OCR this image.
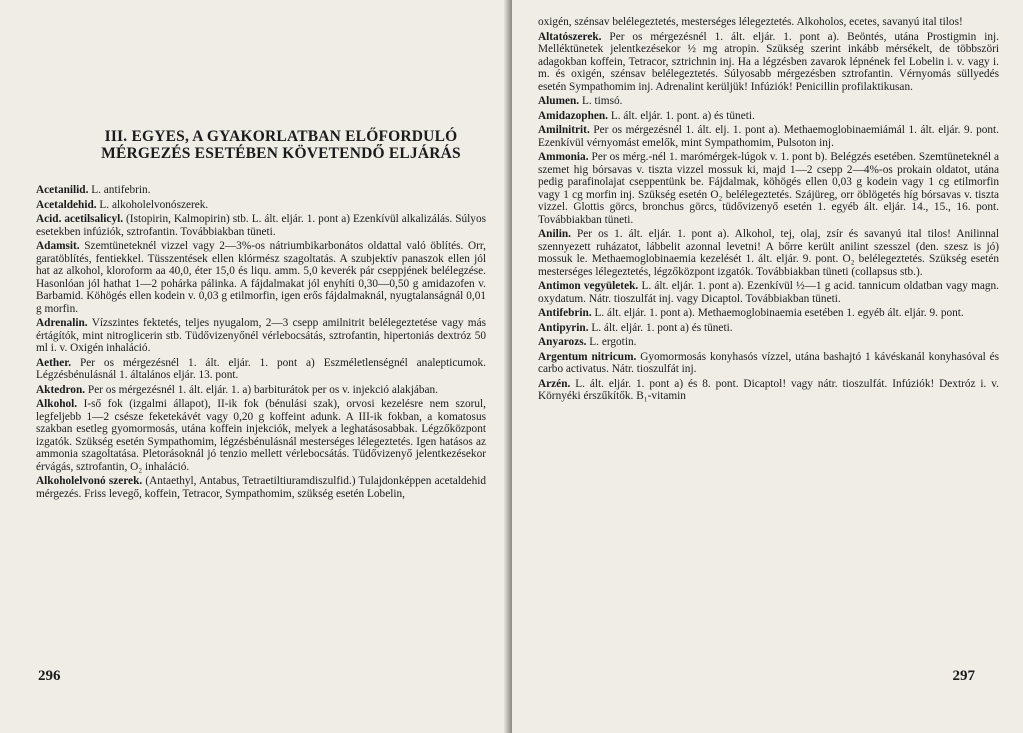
III. EGYES, A GYAKORLATBAN ELŐFORDULÓ MÉRGEZÉS ESETÉBEN KÖVETENDŐ ELJÁRÁS

Acetanilid. L. antifebrin.

Acetaldehid. L. alkoholelvonószerek.

Acid. acetilsalicyl. (Istopirin, Kalmopirin) stb. L. ált. eljár. 1. pont a) Ezenkívül alkalizálás. Súlyos esetekben infúziók, sztrofantin. Továbbiakban tüneti.

Adamsit. Szemtüneteknél vizzel vagy 2—3%-os nátriumbikarbonátos oldattal való öblítés. Orr, garatöblítés, fentiekkel. Tüsszentések ellen klórmész szagoltatás. A szubjektív panaszok ellen jól hat az alkohol, kloroform aa 40,0, éter 15,0 és liqu. amm. 5,0 keverék pár cseppjének belélegzése. Hasonlóan jól hathat 1—2 pohárka pálinka. A fájdalmakat jól enyhíti 0,30—0,50 g amidazofen v. Barbamid. Köhögés ellen kodein v. 0,03 g etilmorfin, igen erős fájdalmaknál, nyugtalanságnál 0,01 g morfin.

Adrenalin. Vízszintes fektetés, teljes nyugalom, 2—3 csepp amilnitrit belélegeztetése vagy más értágítók, mint nitroglicerin stb. Tüdővizenyőnél vérlebocsátás, sztrofantin, hipertoniás dextróz 50 ml i. v. Oxigén inhaláció.

Aether. Per os mérgezésnél 1. ált. eljár. 1. pont a) Eszméletlenségnél analepticumok. Légzésbénulásnál 1. általános eljár. 13. pont.

Aktedron. Per os mérgezésnél 1. ált. eljár. 1. a) barbiturátok per os v. injekció alakjában.

Alkohol. I-ső fok (izgalmi állapot), II-ik fok (bénulási szak), orvosi kezelésre nem szorul, legfeljebb 1—2 csésze feketekávét vagy 0,20 g koffeint adunk. A III-ik fokban, a komatosus szakban esetleg gyomormosás, utána koffein injekciók, melyek a leghatásosabbak. Légzőközpont izgatók. Szükség esetén Sympathomim, légzésbénulásnál mesterséges lélegeztetés. Igen hatásos az ammonia szagoltatása. Pletorásoknál jó tenzio mellett vérlebocsátás. Tüdővizenyő jelentkezésekor érvágás, sztrofantin, O₂ inhaláció.

Alkoholelvonó szerek. (Antaethyl, Antabus, Tetraetiltiuramdiszulfid.) Tulajdonképpen acetaldehid mérgezés. Friss levegő, koffein, Tetracor, Sympathomim, szükség esetén Lobelin,

296

oxigén, szénsav belélegeztetés, mesterséges lélegeztetés. Alkoholos, ecetes, savanyú ital tilos!

Altatószerek. Per os mérgezésnél 1. ált. eljár. 1. pont a). Beöntés, utána Prostigmin inj. Melléktünetek jelentkezésekor ½ mg atropin. Szükség szerint inkább mérsékelt, de többszöri adagokban koffein, Tetracor, sztrichnin inj. Ha a légzésben zavarok lépnének fel Lobelin i. v. vagy i. m. és oxigén, szénsav belélegeztetés. Súlyosabb mérgezésben sztrofantin. Vérnyomás süllyedés esetén Sympathomim inj. Adrenalint kerüljük! Infúziók! Penicillin profilaktikusan.

Alumen. L. timsó.

Amidazophen. L. ált. eljár. 1. pont. a) és tüneti.

Amilnitrit. Per os mérgezésnél 1. ált. elj. 1. pont a). Methaemoglobinaemiámál 1. ált. eljár. 9. pont. Ezenkívül vérnyomást emelők, mint Sympathomim, Pulsoton inj.

Ammonia. Per os mérg.-nél 1. marómérgek-lúgok v. 1. pont b). Belégzés esetében. Szemtüneteknél a szemet hig bórsavas v. tiszta vizzel mossuk ki, majd 1—2 csepp 2—4%-os prokain oldatot, utána pedig parafinolajat cseppentünk be. Fájdalmak, köhögés ellen 0,03 g kodein vagy 1 cg etilmorfin vagy 1 cg morfin inj. Szükség esetén O₂ belélegeztetés. Szájüreg, orr öblögetés híg bórsavas v. tiszta vizzel. Glottis görcs, bronchus görcs, tüdővizenyő esetén 1. egyéb ált. eljár. 14., 15., 16. pont. Továbbiakban tüneti.

Anilin. Per os 1. ált. eljár. 1. pont a). Alkohol, tej, olaj, zsír és savanyú ital tilos! Anilinnal szennyezett ruházatot, lábbelit azonnal levetni! A bőrre került anilint szesszel (den. szesz is jó) mossuk le. Methaemoglobinaemia kezelését 1. ált. eljár. 9. pont. O₂ belélegeztetés. Szükség esetén mesterséges lélegeztetés, légzőközpont izgatók. Továbbiakban tüneti (collapsus stb.).

Antimon vegyületek. L. ált. eljár. 1. pont a). Ezenkívül ½—1 g acid. tannicum oldatban vagy magn. oxydatum. Nátr. tioszulfát inj. vagy Dicaptol. Továbbiakban tüneti.

Antifebrin. L. ált. eljár. 1. pont a). Methaemoglobinaemia esetében 1. egyéb ált. eljár. 9. pont.

Antipyrin. L. ált. eljár. 1. pont a) és tüneti.

Anyarozs. L. ergotin.

Argentum nitricum. Gyomormosás konyhasós vízzel, utána bashajtó 1 kávéskanál konyhasóval és carbo activatus. Nátr. tioszulfát inj.

Arzén. L. ált. eljár. 1. pont a) és 8. pont. Dicaptol! vagy nátr. tioszulfát. Infúziók! Dextróz i. v. Környéki érszűkítők. B₁-vitamin

297
